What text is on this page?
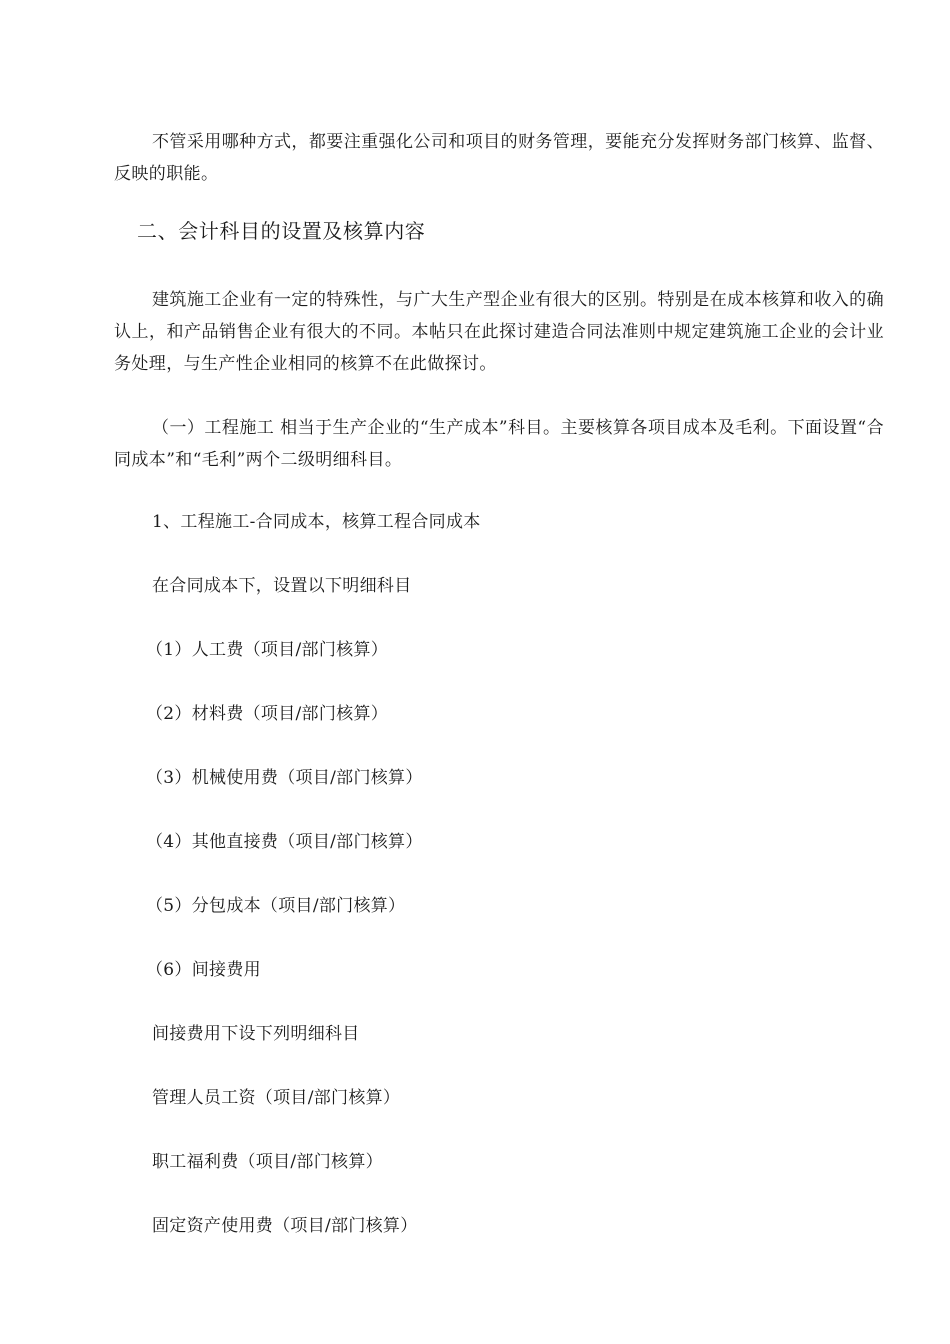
不管采用哪种方式，都要注重强化公司和项目的财务管理，要能充分发挥财务部门核算、监督、反映的职能。

二、会计科目的设置及核算内容

建筑施工企业有一定的特殊性，与广大生产型企业有很大的区别。特别是在成本核算和收入的确认上，和产品销售企业有很大的不同。本帖只在此探讨建造合同法准则中规定建筑施工企业的会计业务处理，与生产性企业相同的核算不在此做探讨。

（一）工程施工 相当于生产企业的“生产成本”科目。主要核算各项目成本及毛利。下面设置“合同成本”和“毛利”两个二级明细科目。

1、工程施工-合同成本，核算工程合同成本

在合同成本下，设置以下明细科目

（1）人工费（项目/部门核算）

（2）材料费（项目/部门核算）

（3）机械使用费（项目/部门核算）

（4）其他直接费（项目/部门核算）

（5）分包成本（项目/部门核算）

（6）间接费用

间接费用下设下列明细科目

管理人员工资（项目/部门核算）

职工福利费（项目/部门核算）

固定资产使用费（项目/部门核算）
